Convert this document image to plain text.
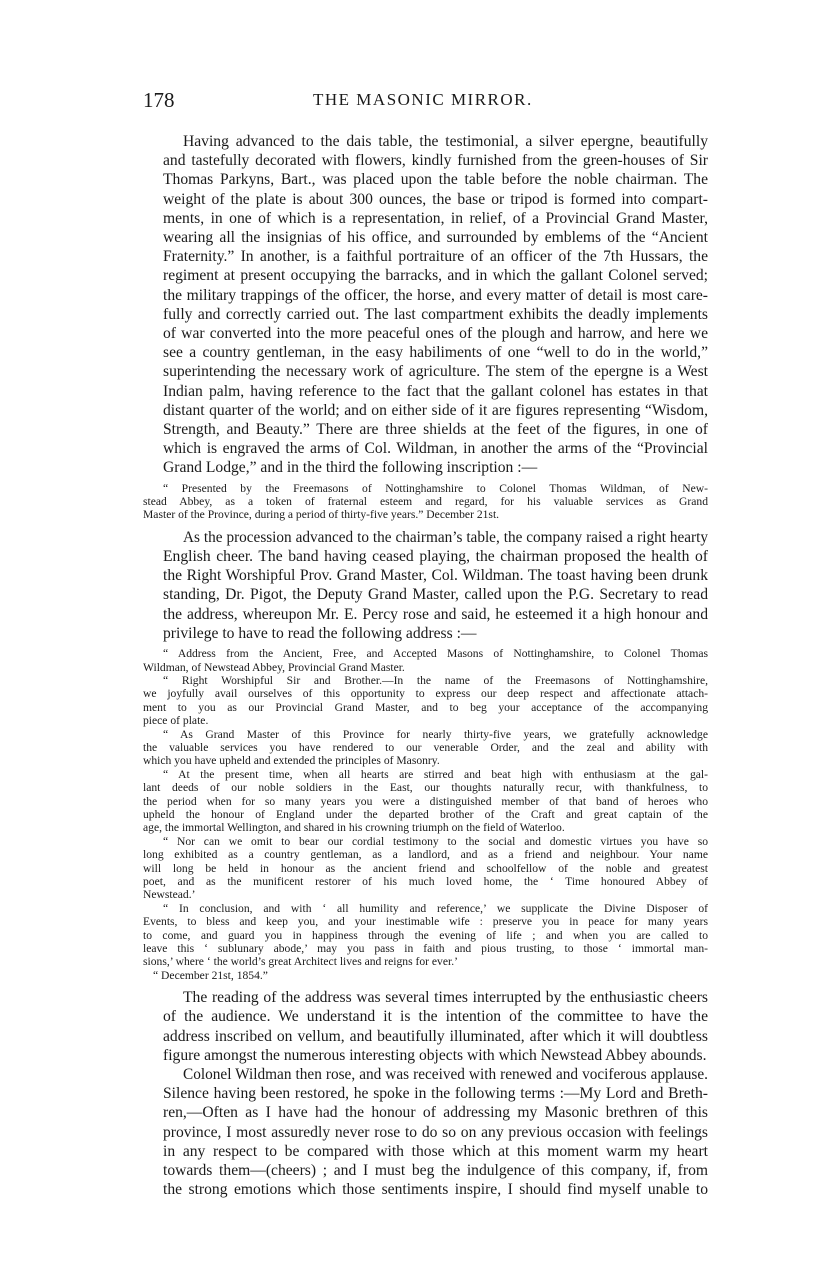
178	THE MASONIC MIRROR.
Having advanced to the dais table, the testimonial, a silver epergne, beautifully
and tastefully decorated with flowers, kindly furnished from the green-houses of Sir
Thomas Parkyns, Bart., was placed upon the table before the noble chairman. The
weight of the plate is about 300 ounces, the base or tripod is formed into compart-
ments, in one of which is a representation, in relief, of a Provincial Grand Master,
wearing all the insignias of his office, and surrounded by emblems of the “Ancient
Fraternity.” In another, is a faithful portraiture of an officer of the 7th Hussars, the
regiment at present occupying the barracks, and in which the gallant Colonel served;
the military trappings of the officer, the horse, and every matter of detail is most care-
fully and correctly carried out. The last compartment exhibits the deadly implements
of war converted into the more peaceful ones of the plough and harrow, and here we
see a country gentleman, in the easy habiliments of one “well to do in the world,”
superintending the necessary work of agriculture. The stem of the epergne is a West
Indian palm, having reference to the fact that the gallant colonel has estates in that
distant quarter of the world; and on either side of it are figures representing “Wisdom,
Strength, and Beauty.” There are three shields at the feet of the figures, in one of
which is engraved the arms of Col. Wildman, in another the arms of the “Provincial
Grand Lodge,” and in the third the following inscription :—
“ Presented by the Freemasons of Nottinghamshire to Colonel Thomas Wildman, of New-
stead Abbey, as a token of fraternal esteem and regard, for his valuable services as Grand
Master of the Province, during a period of thirty-five years.” December 21st.
As the procession advanced to the chairman’s table, the company raised a right hearty
English cheer. The band having ceased playing, the chairman proposed the health of
the Right Worshipful Prov. Grand Master, Col. Wildman. The toast having been drunk
standing, Dr. Pigot, the Deputy Grand Master, called upon the P.G. Secretary to read
the address, whereupon Mr. E. Percy rose and said, he esteemed it a high honour and
privilege to have to read the following address :—
“ Address from the Ancient, Free, and Accepted Masons of Nottinghamshire, to Colonel Thomas
Wildman, of Newstead Abbey, Provincial Grand Master.
“ Right Worshipful Sir and Brother.—In the name of the Freemasons of Nottinghamshire,
we joyfully avail ourselves of this opportunity to express our deep respect and affectionate attach-
ment to you as our Provincial Grand Master, and to beg your acceptance of the accompanying
piece of plate.
“ As Grand Master of this Province for nearly thirty-five years, we gratefully acknowledge
the valuable services you have rendered to our venerable Order, and the zeal and ability with
which you have upheld and extended the principles of Masonry.
“ At the present time, when all hearts are stirred and beat high with enthusiasm at the gal-
lant deeds of our noble soldiers in the East, our thoughts naturally recur, with thankfulness, to
the period when for so many years you were a distinguished member of that band of heroes who
upheld the honour of England under the departed brother of the Craft and great captain of the
age, the immortal Wellington, and shared in his crowning triumph on the field of Waterloo.
“ Nor can we omit to bear our cordial testimony to the social and domestic virtues you have so
long exhibited as a country gentleman, as a landlord, and as a friend and neighbour. Your name
will long be held in honour as the ancient friend and schoolfellow of the noble and greatest
poet, and as the munificent restorer of his much loved home, the ‘ Time honoured Abbey of
Newstead.’
“ In conclusion, and with ‘ all humility and reference,’ we supplicate the Divine Disposer of
Events, to bless and keep you, and your inestimable wife : preserve you in peace for many years
to come, and guard you in happiness through the evening of life ; and when you are called to
leave this ‘ sublunary abode,’ may you pass in faith and pious trusting, to those ‘ immortal man-
sions,’ where ‘ the world’s great Architect lives and reigns for ever.’
“ December 21st, 1854.”
The reading of the address was several times interrupted by the enthusiastic cheers
of the audience. We understand it is the intention of the committee to have the
address inscribed on vellum, and beautifully illuminated, after which it will doubtless
figure amongst the numerous interesting objects with which Newstead Abbey abounds.
Colonel Wildman then rose, and was received with renewed and vociferous applause.
Silence having been restored, he spoke in the following terms :—My Lord and Breth-
ren,—Often as I have had the honour of addressing my Masonic brethren of this
province, I most assuredly never rose to do so on any previous occasion with feelings
in any respect to be compared with those which at this moment warm my heart
towards them—(cheers) ; and I must beg the indulgence of this company, if, from
the strong emotions which those sentiments inspire, I should find myself unable to
